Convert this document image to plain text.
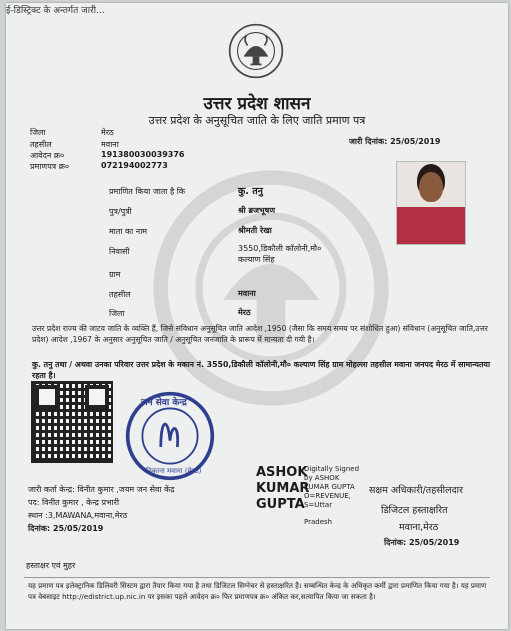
ई-डिस्ट्रिक्ट के अन्तर्गत जारी...
उत्तर प्रदेश शासन
उत्तर प्रदेश के अनुसूचित जाति के लिए जाति प्रमाण पत्र
जारी दिनांक: 25/05/2019
जिला	मेरठ
तहसील	मवाना
आवेदन क्र०	191380030039376
प्रमाणपत्र क्र०	072194002773
प्रमाणित किया जाता है कि	कु. तनु
पुत्र/पुत्री	श्री ब्रजभूषण
माता का नाम	श्रीमती रेखा
निवासी	3550,डिकौली कॉलोनी,मौ०
कल्याण सिंह
ग्राम
तहसील	मवाना
जिला	मेरठ
उत्तर प्रदेश राज्य की जाटव जाति के व्यक्ति हैं, जिसे संविधान अनुसूचित जाति आदेश ,1950 (जैसा कि समय समय पर संशोधित हुआ) संविधान (अनुसूचित जाति,उत्तर प्रदेश) आदेश ,1967 के अनुसार अनुसूचित जाति / अनुसूचित जनजाति के प्रारूप में मान्यता दी गयी है।
कु. तनु तथा / अथवा उनका परिवार उत्तर प्रदेश के मकान नं. 3550,डिकौली कॉलोनी,मौ० कल्याण सिंह ग्राम मोहल्ला तहसील मवाना जनपद मेरठ में सामान्यतया रहता है।
जन सेवा केन्द्र
ठिकाना मवाना (मेरठ)
जारी कर्ता केन्द्र: विनीत कुमार ,जयम जन सेवा केंद्र
पद: विनीत कुमार , केन्द्र प्रभारी
स्थान :3,MAWANA,मवाना,मेरठ
दिनांक: 25/05/2019
ASHOK
KUMAR
GUPTA
Digitally Signed
by ASHOK
KUMAR GUPTA
O=REVENUE,
S=Uttar
Pradesh
सक्षम अधिकारी/तहसीलदार
डिजिटल हस्ताक्षरित
मवाना,मेरठ
दिनांक: 25/05/2019
हस्ताक्षर एवं मुहर
यह प्रमाण पत्र इलेक्ट्रानिक डिलिवरी सिस्टम द्वारा तैयार किया गया है तथा डिजिटल सिग्नेचर से हस्ताक्षरित है। सम्बन्धित केन्द्र के अधिकृत कर्मी द्वारा प्रमाणित किया गया है। यह प्रमाण पत्र वेबसाइट http://edistrict.up.nic.in पर इसका पहले आवेदन क्र० फिर प्रमाणपत्र क्र० अंकित कर,सत्यापित किया जा सकता है।
